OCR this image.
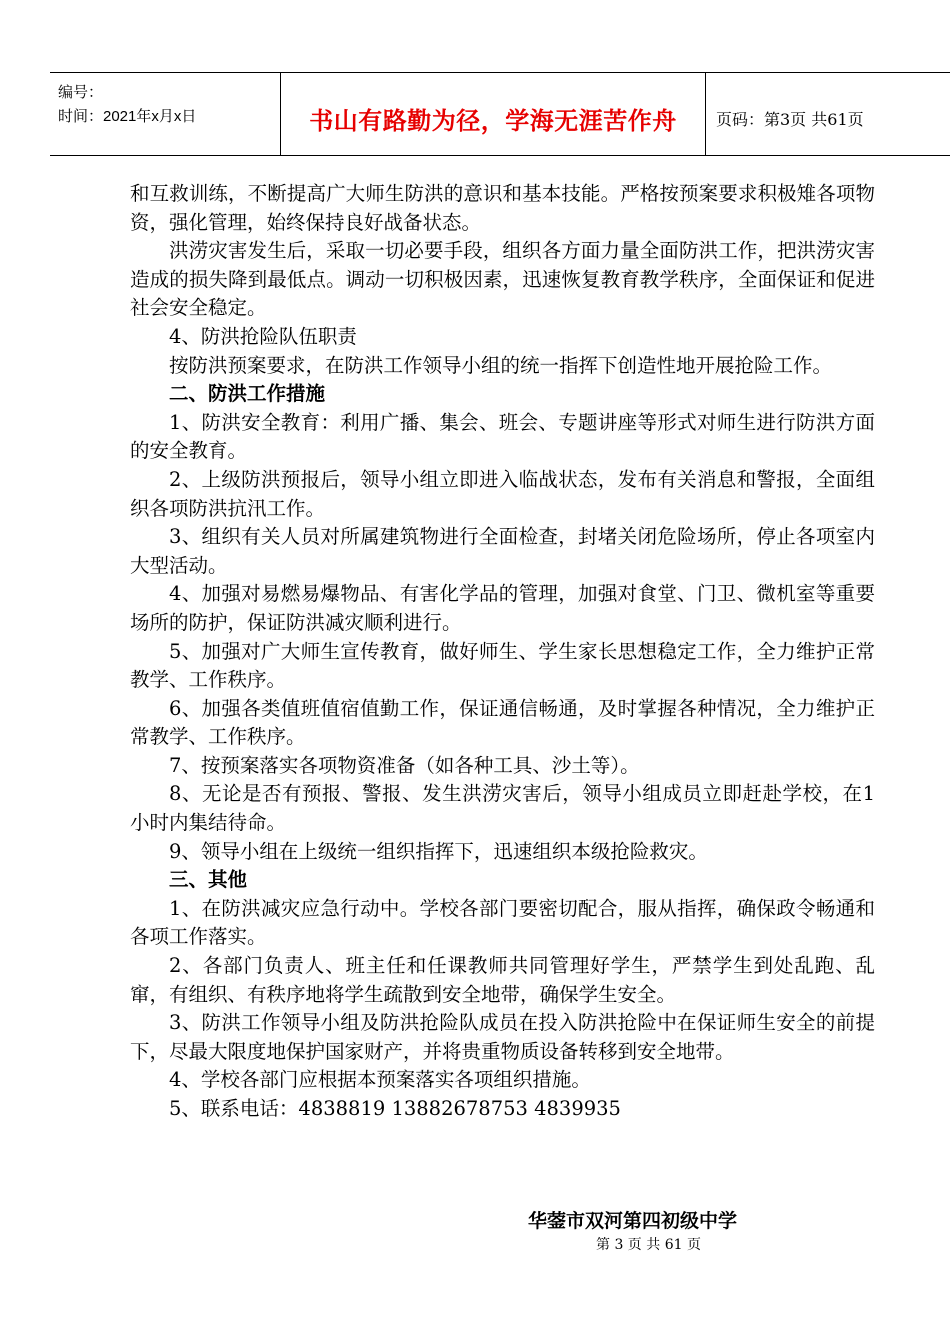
编号：
时间：2021年x月x日	书山有路勤为径，学海无涯苦作舟	页码：第3页 共61页

和互救训练，不断提高广大师生防洪的意识和基本技能。严格按预案要求积极雉各项物资，强化管理，始终保持良好战备状态。

洪涝灾害发生后，采取一切必要手段，组织各方面力量全面防洪工作，把洪涝灾害造成的损失降到最低点。调动一切积极因素，迅速恢复教育教学秩序，全面保证和促进社会安全稳定。

4、防洪抢险队伍职责

按防洪预案要求，在防洪工作领导小组的统一指挥下创造性地开展抢险工作。

二、防洪工作措施

1、防洪安全教育：利用广播、集会、班会、专题讲座等形式对师生进行防洪方面的安全教育。

2、上级防洪预报后，领导小组立即进入临战状态，发布有关消息和警报，全面组织各项防洪抗汛工作。

3、组织有关人员对所属建筑物进行全面检查，封堵关闭危险场所，停止各项室内大型活动。

4、加强对易燃易爆物品、有害化学品的管理，加强对食堂、门卫、微机室等重要场所的防护，保证防洪减灾顺利进行。

5、加强对广大师生宣传教育，做好师生、学生家长思想稳定工作，全力维护正常教学、工作秩序。

6、加强各类值班值宿值勤工作，保证通信畅通，及时掌握各种情况，全力维护正常教学、工作秩序。

7、按预案落实各项物资准备（如各种工具、沙土等）。

8、无论是否有预报、警报、发生洪涝灾害后，领导小组成员立即赶赴学校，在1小时内集结待命。

9、领导小组在上级统一组织指挥下，迅速组织本级抢险救灾。

三、其他

1、在防洪减灾应急行动中。学校各部门要密切配合，服从指挥，确保政令畅通和各项工作落实。

2、各部门负责人、班主任和任课教师共同管理好学生，严禁学生到处乱跑、乱窜，有组织、有秩序地将学生疏散到安全地带，确保学生安全。

3、防洪工作领导小组及防洪抢险队成员在投入防洪抢险中在保证师生安全的前提下，尽最大限度地保护国家财产，并将贵重物质设备转移到安全地带。

4、学校各部门应根据本预案落实各项组织措施。

5、联系电话：4838819 13882678753 4839935

华蓥市双河第四初级中学
第 3 页 共 61 页
